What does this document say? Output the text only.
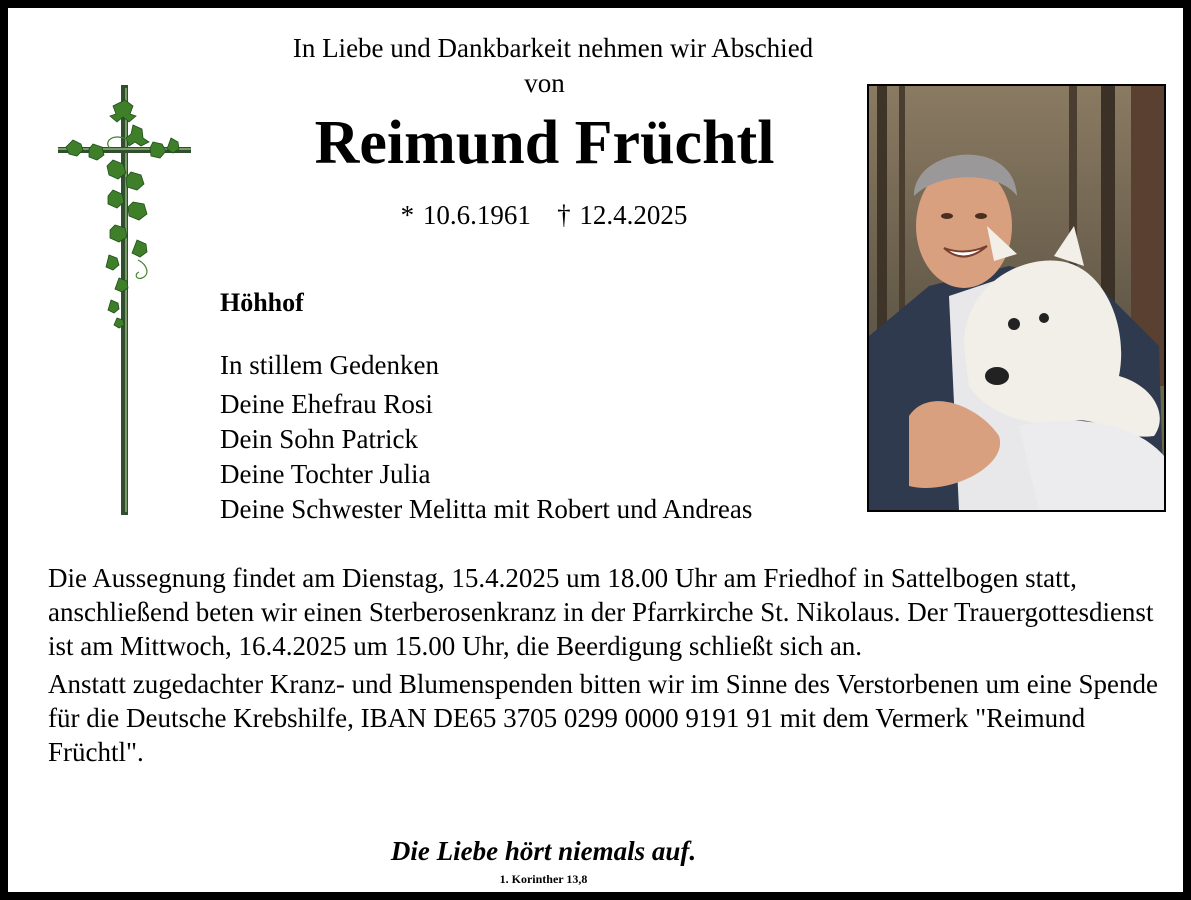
In Liebe und Dankbarkeit nehmen wir Abschied
von
Reimund Früchtl
* 10.6.1961   † 12.4.2025
Höhhof
In stillem Gedenken
Deine Ehefrau Rosi
Dein Sohn Patrick
Deine Tochter Julia
Deine Schwester Melitta mit Robert und Andreas

Die Aussegnung findet am Dienstag, 15.4.2025 um 18.00 Uhr am Friedhof in Sattelbogen statt, anschließend beten wir einen Sterberosenkranz in der Pfarrkirche St. Nikolaus. Der Trauergottesdienst ist am Mittwoch, 16.4.2025 um 15.00 Uhr, die Beerdigung schließt sich an.

Anstatt zugedachter Kranz- und Blumenspenden bitten wir im Sinne des Verstorbenen um eine Spende für die Deutsche Krebshilfe, IBAN DE65 3705 0299 0000 9191 91 mit dem Vermerk "Reimund Früchtl".

Die Liebe hört niemals auf.
1. Korinther 13,8
